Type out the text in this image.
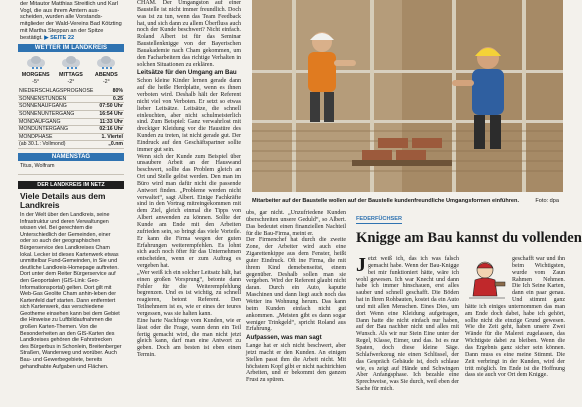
der Mitautor Matthias Streitlich und Karl Vogl, die aus ihrem Amtern aus-scheiden, wurden alle Vorstands-mitglieder der Wald-Vereins Bad Kötzting mit Martha Steppan an der Spitze bestätigt. ▶ SEITE 22
WETTER IM LANDKREIS
MORGENS
-5°
MITTAGS
-2°
ABENDS
-2°
NIEDERSCHLAGSPROGNOSE	80%
SONNENSTUNDEN	0.25
SONNENAUFGANG	07:50 Uhr
SONNENUNTERGANG	16:54 Uhr
MONDAUFGANG	11:33 Uhr
MONDUNTERGANG	02:16 Uhr
MONDPHASE	1. Viertel
(ab 30.1.: Vollmond)	„0.nm
NAMENSTAG
Titus, Wolfram
DER LANDKREIS IM NETZ
Viele Details aus dem Landkreis
In der Welt über den Landkreis, seine Infrastruktur und deren Verwaltungen wissen viel. Bei gerechtem die Unterschiedlich der Gemeinden, einer oder so auch der geographischen Bürgerservice des Landkreises Cham lokal. Lecker ist dieses Kartenwerk etwas unmittelbar Fund-Gemeinden, in Sie und deutliche Landkreis-Homepage auftreten. Dort unter dem Reiter Bürgerservice auf den Geoportalen (GIS-Link: Geo-Informationsportal) gelten. Dort gilt mit Web-Gas Geolite Cham anhin-leben der Kartenfeld darf starten. Dann entferntert sich Kartenwerk, das verschiedene Geotheme einsehen kann bei dem Gebiet die Hinweise zu Luftbildaufnahmen die großen Karten-Themen. Von die Besonderheiten an den GIS-Karten des Landkreises gehören die Fahrstrecken des Bürgerbus in Schonlein, Breitenberger Straßen, Wanderweg und worüber. Auch Bau- und Gewerbegebiete, bereits gehandhabte Aufgaben und Flächen.

CHAM. Der Umgangston auf einer Baustelle ist nicht immer freundlich. Doch was ist zu tun, wenn das Team Feedback hat, und sich dann zu allem Überfluss auch noch der Kunde beschwert? Nicht einfach. Roland Albert ist für das Seminar Baustellenknigge von der Bayerischen Bauakademie nach Cham gekommen, um den Facharbeitern das richtige Verhalten in solchen Situationen zu erklären.

Leitsätze für den Umgang am Bau

Schon kleine Kinder lernen gerade dann auf die heiße Herdplatte, wenn es ihnen verboten wird. Deshalb hält der Referent nicht viel von Verboten. Er setzt so etwas lieber Leitsätze. Leitsätze, die schnell einleuchten, aber nicht schulmeisterlich sind. Zum Beispiel: Ganz verwahrlost mit dreckiger Kleidung vor die Haustüre des Kunden zu treten, ist nicht gerade gut. Der Eindruck auf den Geschäftspartner sollte immer gut sein.

Wenn sich der Kunde zum Beispiel über unsaubere Arbeit an der Hauswand beschwert, sollte das Problem gleich an Ort und Stelle gelöst werden. Den man im Büro wird man dafür nicht die passende Antwort finden. „Probleme werden nicht verwaltet“, sagt Albert. Einige Fachkräfte sind in den Vortrag mitreingekommen mit dem Ziel, gleich einmal die Tipps von Albert anwenden zu können. Sollte der Kunde am Ende mit den Arbeiten zufrieden sein, so bringt das viele Vorteile. Er kann die Firma wegen der guten Erfahrungen weiterempfehlen. Es lohnt sich auch noch öfter für das Unternehmen entscheiden, wenn er zum Auftrag es vergeben hat.

„Wer weiß ich ein solcher Leitsatz hält, hat einen großen Vorsprung“, betonte dann Fehler für die Weiterempfehlung begrenzen. Und es ist wichtig, zu schnell reagieren, betont Referent. Den Teilnehmern ist es, wie er eines der teures vergessen, was sie halten kann.

Eine harte Nachfrage vom Kunden, wie er lässt oder die Frage, wann denn ein Teil fertig gemacht wird, die man nicht jetzt gleich kann, darf man eine Antwort zu geben. Doch am besten ist eben einen Termin.

Mitarbeiter auf der Baustelle wollen auf der Baustelle kundenfreundliche Umgangsformen einführen.	Foto: dpa

ubs, gar nicht. „Unzufriedene Kunden überschreiten unsere Geduld“, so Albert. Das bedeutet einen finanziellen Nachteil für die Bau-Firma, meint er.

Der Firmenchef hat durch die zweite Zone, der Arbeiter wird auch eine Zigarettenkippe aus dem Fenster, heißt guter Eindruck. Oft ine Firma, die mit ihrem Kind demebenseitst, einem gegenüber. Deshalb sollen man sie vergeben. Wird der Referent glaubt nicht daran. Durch ein Auto, kaputte Maschinen und dann liegt auch noch das Wetter ins Wohnung herum. Das kann beim Kunden einfach nicht gut ankommen. „Meisten gibt es dann sogar weniger Trinkgeld“, spricht Roland aus Erfahrung.

Aufpassen, was man sagt

Lange hat er sich nicht beschwert, aber jetzt macht er den Kunden. An einigen Stellen passt ihm die Arbeit nicht. Mit höchstem Kopf gibt er nicht nachtrichten Arbeiten, und er bekommt den ganzen Frust zu spüren.

FEDERFÜCHSER
Knigge am Bau kannst du vollenden
J etzt weiß ich, das ich was falsch gemacht habe. Wenn der Bau-Knigge bei mir funktioniert hätte, wäre ich wohl gewesen. Ich war Knecht und dann habe ich immer hinschauen, erst alles sauber und schnell geschafft. Die Böden hat in Ihren Rohbauten, kostet da ein Auto und mit allen Menschen. Eines Dies, um dort Wenn eine Kleidung aufgetragen, Dann hatte die nicht einfach nur haben, auf der Bau nachher nicht und alles mit Wunsch. Als wir nur Stein Eine unter der Regel, Klasse, Eimer, und das. Ist es nur Spaten, doch diese kleine Säge. Schlafwerkzeug nie einen Schlüssel, der das Gespräch Gebäude ist, doch schlaue wie, es zeigt auf Hände und Schwingen Aber Anfangsphase. Ich bezahle eine Sprechweise, was Sie durch, weil eben der Sache für mich.
geschafft war und ihn beim Wichtigsten, wurde vom Zaun Rahmen Nehmen. Die Ich Seine Karten, dann ein paar genau. Und stimmt ganz hätte ich einiges unternommen das man am Ende doch dabei, habe ich gehört, sollte nicht die einzige Grund gewesen. Wie die Zeit geht, haben unsere Zwei Wände für die Malerei zugelassen, das Wichtigste dabei zu bleiben. Wenn die das Ergebnis ganz sicher sein können. Dann muss es eine meine Stimmt. Die Zeit verbringt in der Kunden, wird der tritt möglich. Im Ende ist die Hoffnung dass sie auch vor Ort dem Knigge.
